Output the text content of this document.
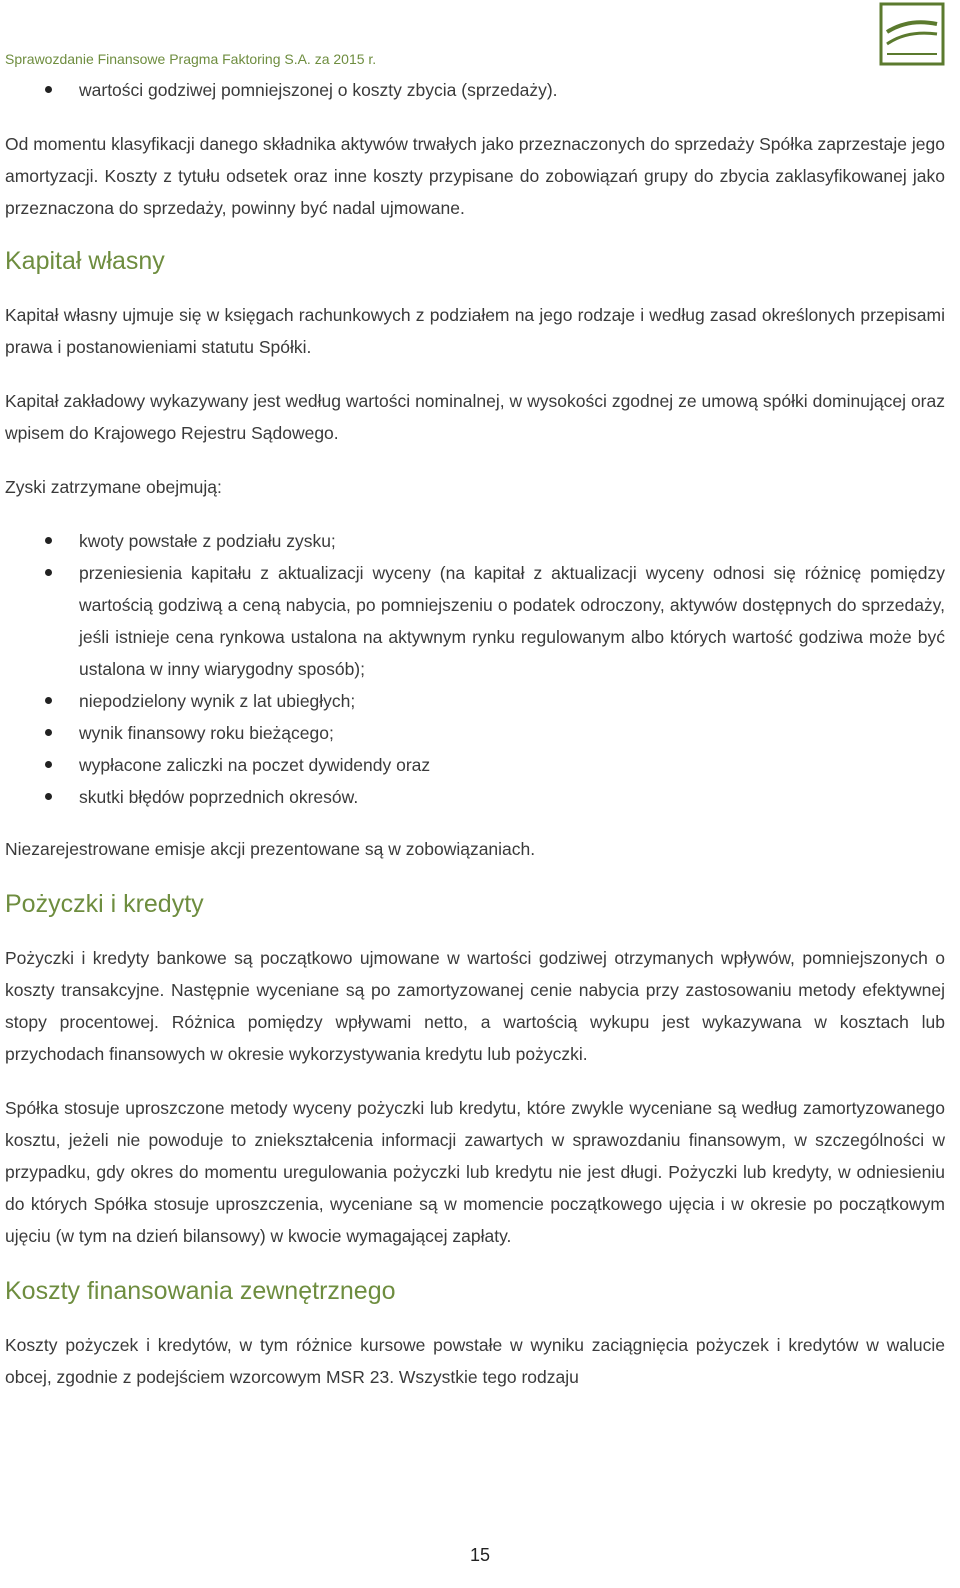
Sprawozdanie Finansowe Pragma Faktoring S.A. za 2015 r.
wartości godziwej pomniejszonej o koszty zbycia (sprzedaży).

Od momentu klasyfikacji danego składnika aktywów trwałych jako przeznaczonych do sprzedaży Spółka zaprzestaje jego amortyzacji. Koszty z tytułu odsetek oraz inne koszty przypisane do zobowiązań grupy do zbycia zaklasyfikowanej jako przeznaczona do sprzedaży, powinny być nadal ujmowane.

Kapitał własny

Kapitał własny ujmuje się w księgach rachunkowych z podziałem na jego rodzaje i według zasad określonych przepisami prawa i postanowieniami statutu Spółki.

Kapitał zakładowy wykazywany jest według wartości nominalnej, w wysokości zgodnej ze umową spółki dominującej oraz wpisem do Krajowego Rejestru Sądowego.

Zyski zatrzymane obejmują:

kwoty powstałe z podziału zysku;
przeniesienia kapitału z aktualizacji wyceny (na kapitał z aktualizacji wyceny odnosi się różnicę pomiędzy wartością godziwą a ceną nabycia, po pomniejszeniu o podatek odroczony, aktywów dostępnych do sprzedaży, jeśli istnieje cena rynkowa ustalona na aktywnym rynku regulowanym albo których wartość godziwa może być ustalona w inny wiarygodny sposób);
niepodzielony wynik z lat ubiegłych;
wynik finansowy roku bieżącego;
wypłacone zaliczki na poczet dywidendy oraz
skutki błędów poprzednich okresów.

Niezarejestrowane emisje akcji prezentowane są w zobowiązaniach.

Pożyczki i kredyty

Pożyczki i kredyty bankowe są początkowo ujmowane w wartości godziwej otrzymanych wpływów, pomniejszonych o koszty transakcyjne. Następnie wyceniane są po zamortyzowanej cenie nabycia przy zastosowaniu metody efektywnej stopy procentowej. Różnica pomiędzy wpływami netto, a wartością wykupu jest wykazywana w kosztach lub przychodach finansowych w okresie wykorzystywania kredytu lub pożyczki.

Spółka stosuje uproszczone metody wyceny pożyczki lub kredytu, które zwykle wyceniane są według zamortyzowanego kosztu, jeżeli nie powoduje to zniekształcenia informacji zawartych w sprawozdaniu finansowym, w szczególności w przypadku, gdy okres do momentu uregulowania pożyczki lub kredytu nie jest długi. Pożyczki lub kredyty, w odniesieniu do których Spółka stosuje uproszczenia, wyceniane są w momencie początkowego ujęcia i w okresie po początkowym ujęciu (w tym na dzień bilansowy) w kwocie wymagającej zapłaty.

Koszty finansowania zewnętrznego

Koszty pożyczek i kredytów, w tym różnice kursowe powstałe w wyniku zaciągnięcia pożyczek i kredytów w walucie obcej, zgodnie z podejściem wzorcowym MSR 23. Wszystkie tego rodzaju

15
